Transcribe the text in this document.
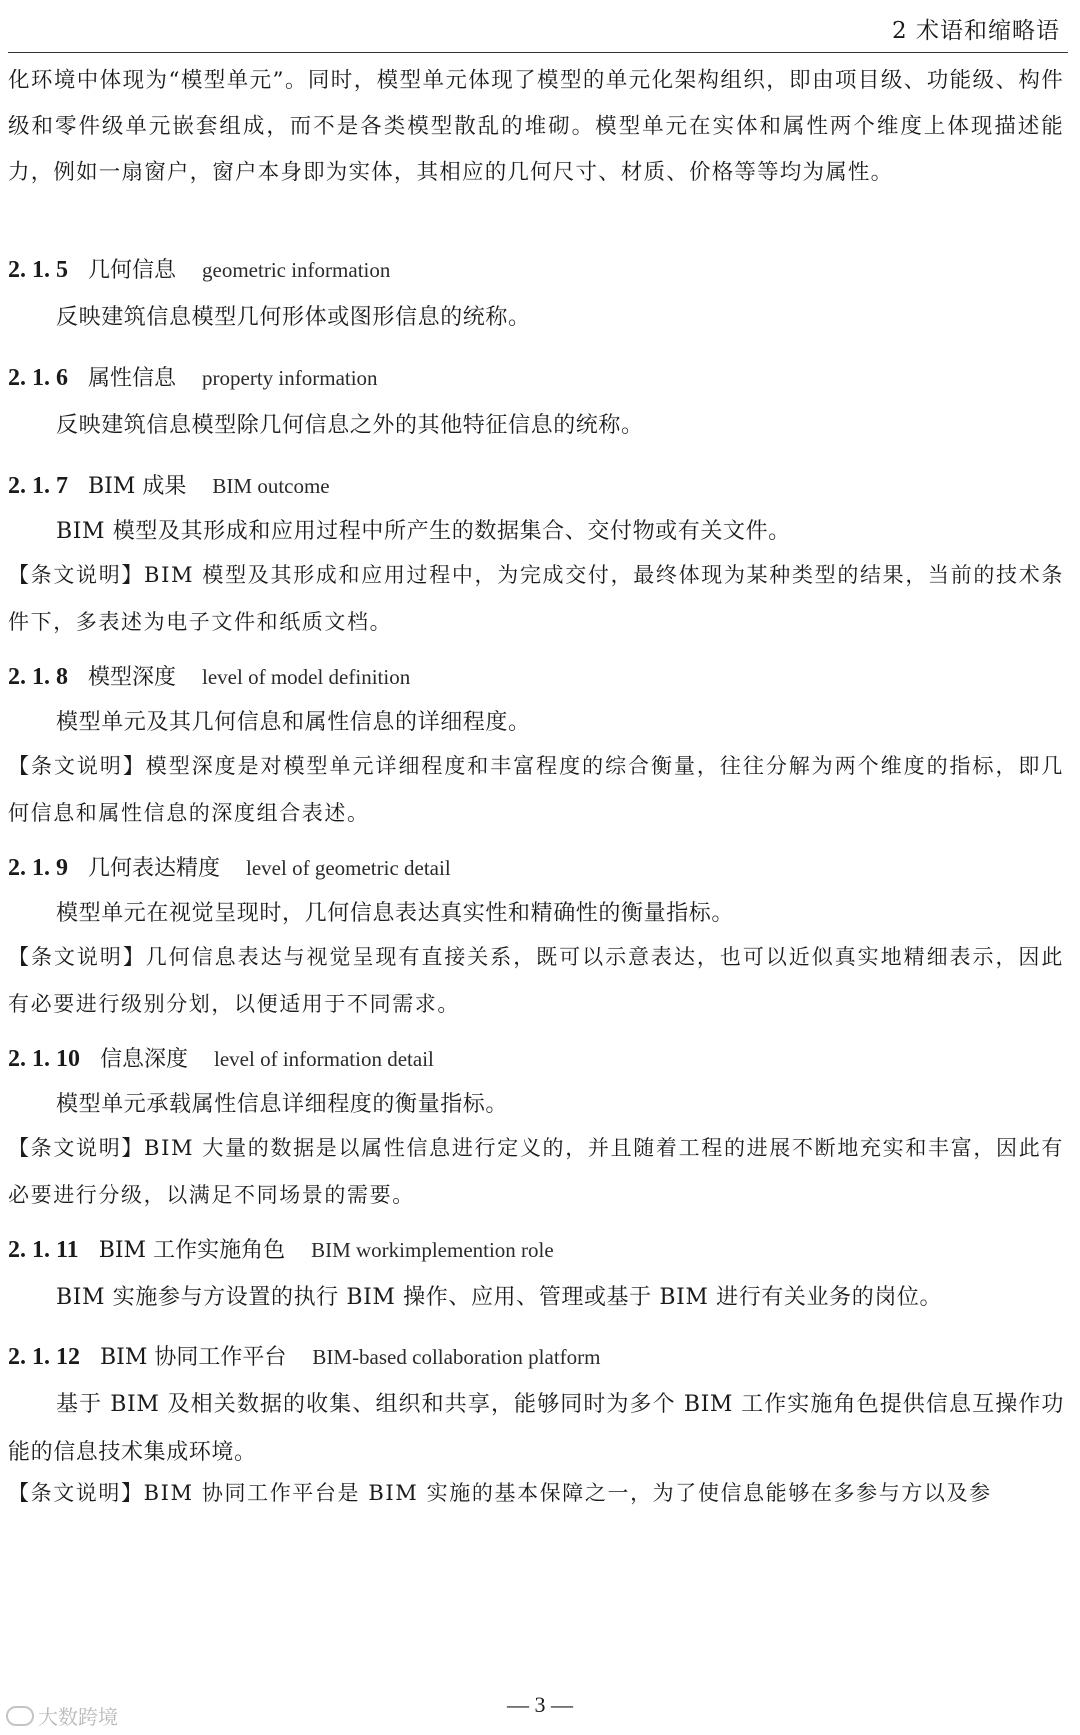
2 术语和缩略语
化环境中体现为“模型单元”。同时，模型单元体现了模型的单元化架构组织，即由项目级、功能级、构件级和零件级单元嵌套组成，而不是各类模型散乱的堆砌。模型单元在实体和属性两个维度上体现描述能力，例如一扇窗户，窗户本身即为实体，其相应的几何尺寸、材质、价格等等均为属性。
2. 1. 5 几何信息 geometric information
反映建筑信息模型几何形体或图形信息的统称。
2. 1. 6 属性信息 property information
反映建筑信息模型除几何信息之外的其他特征信息的统称。
2. 1. 7 BIM 成果 BIM outcome
BIM 模型及其形成和应用过程中所产生的数据集合、交付物或有关文件。
【条文说明】BIM 模型及其形成和应用过程中，为完成交付，最终体现为某种类型的结果，当前的技术条件下，多表述为电子文件和纸质文档。
2. 1. 8 模型深度 level of model definition
模型单元及其几何信息和属性信息的详细程度。
【条文说明】模型深度是对模型单元详细程度和丰富程度的综合衡量，往往分解为两个维度的指标，即几何信息和属性信息的深度组合表述。
2. 1. 9 几何表达精度 level of geometric detail
模型单元在视觉呈现时，几何信息表达真实性和精确性的衡量指标。
【条文说明】几何信息表达与视觉呈现有直接关系，既可以示意表达，也可以近似真实地精细表示，因此有必要进行级别分划，以便适用于不同需求。
2. 1. 10 信息深度 level of information detail
模型单元承载属性信息详细程度的衡量指标。
【条文说明】BIM 大量的数据是以属性信息进行定义的，并且随着工程的进展不断地充实和丰富，因此有必要进行分级，以满足不同场景的需要。
2. 1. 11 BIM 工作实施角色 BIM workimplemention role
BIM 实施参与方设置的执行 BIM 操作、应用、管理或基于 BIM 进行有关业务的岗位。
2. 1. 12 BIM 协同工作平台 BIM-based collaboration platform
基于 BIM 及相关数据的收集、组织和共享，能够同时为多个 BIM 工作实施角色提供信息互操作功能的信息技术集成环境。
【条文说明】BIM 协同工作平台是 BIM 实施的基本保障之一，为了使信息能够在多参与方以及参
— 3 —
大数跨境
